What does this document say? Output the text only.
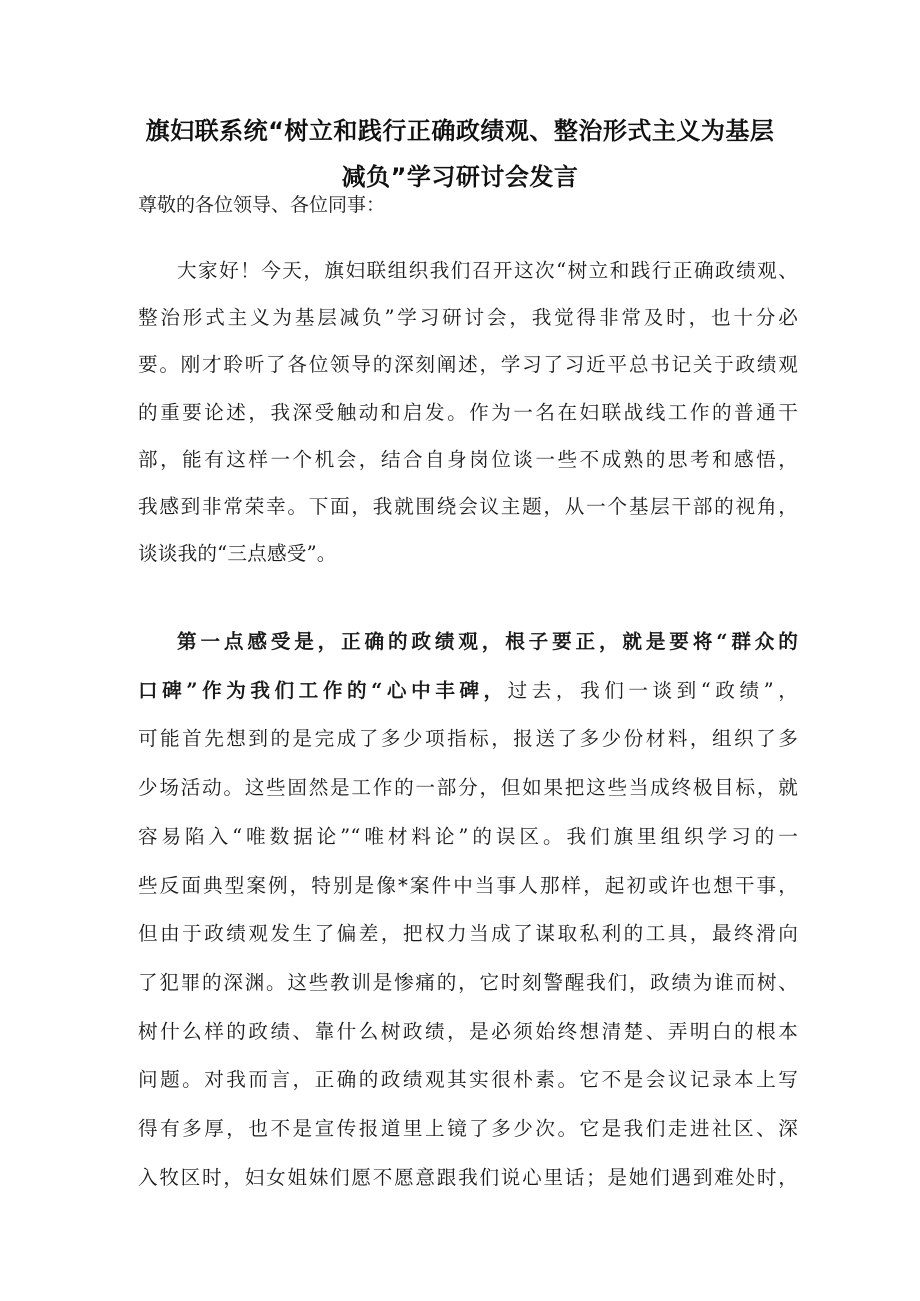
旗妇联系统“树立和践行正确政绩观、整治形式主义为基层
减负”学习研讨会发言

尊敬的各位领导、各位同事：

大家好！今天，旗妇联组织我们召开这次“树立和践行正确政绩观、
整治形式主义为基层减负”学习研讨会，我觉得非常及时，也十分必
要。刚才聆听了各位领导的深刻阐述，学习了习近平总书记关于政绩观
的重要论述，我深受触动和启发。作为一名在妇联战线工作的普通干
部，能有这样一个机会，结合自身岗位谈一些不成熟的思考和感悟，
我感到非常荣幸。下面，我就围绕会议主题，从一个基层干部的视角，
谈谈我的“三点感受”。
第一点感受是，正确的政绩观，根子要正，就是要将“群众的
口碑”作为我们工作的“心中丰碑，过去，我们一谈到“政绩”，
可能首先想到的是完成了多少项指标，报送了多少份材料，组织了多
少场活动。这些固然是工作的一部分，但如果把这些当成终极目标，就
容易陷入“唯数据论”“唯材料论”的误区。我们旗里组织学习的一
些反面典型案例，特别是像*案件中当事人那样，起初或许也想干事，
但由于政绩观发生了偏差，把权力当成了谋取私利的工具，最终滑向
了犯罪的深渊。这些教训是惨痛的，它时刻警醒我们，政绩为谁而树、
树什么样的政绩、靠什么树政绩，是必须始终想清楚、弄明白的根本
问题。对我而言，正确的政绩观其实很朴素。它不是会议记录本上写
得有多厚，也不是宣传报道里上镜了多少次。它是我们走进社区、深
入牧区时，妇女姐妹们愿不愿意跟我们说心里话；是她们遇到难处时，
